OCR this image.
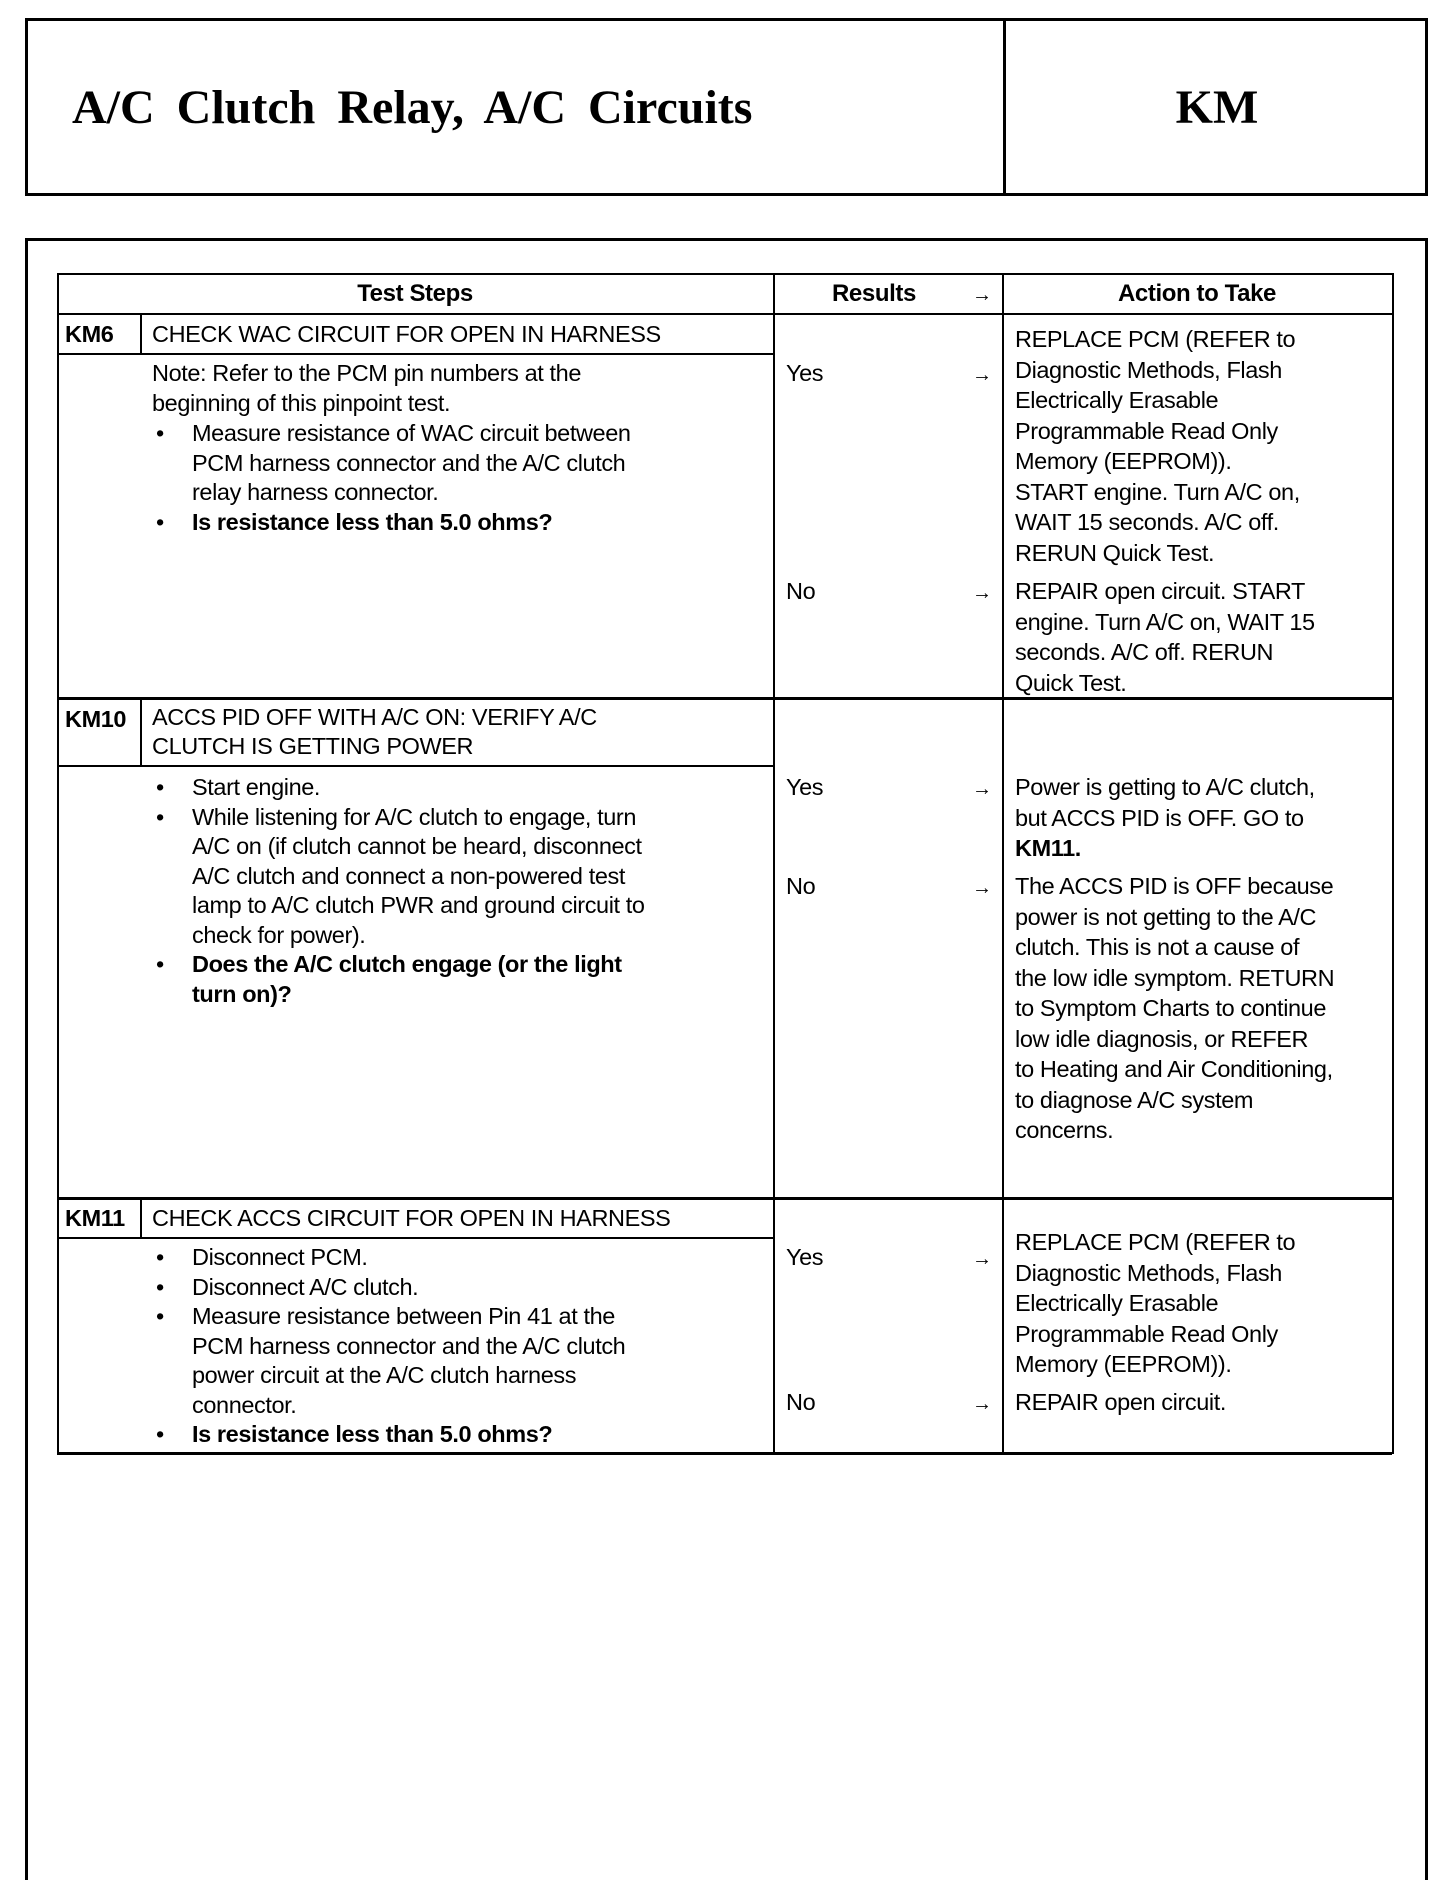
A/C Clutch Relay, A/C Circuits	KM
Test Steps	Results	→	Action to Take
KM6 CHECK WAC CIRCUIT FOR OPEN IN HARNESS
Note: Refer to the PCM pin numbers at the
beginning of this pinpoint test.
• Measure resistance of WAC circuit between
PCM harness connector and the A/C clutch
relay harness connector.
• Is resistance less than 5.0 ohms?
Yes	→
REPLACE PCM (REFER to
Diagnostic Methods, Flash
Electrically Erasable
Programmable Read Only
Memory (EEPROM)).
START engine. Turn A/C on,
WAIT 15 seconds. A/C off.
RERUN Quick Test.
No	→ REPAIR open circuit. START
engine. Turn A/C on, WAIT 15
seconds. A/C off. RERUN
Quick Test.
KM10 ACCS PID OFF WITH A/C ON: VERIFY A/C
CLUTCH IS GETTING POWER
• Start engine.
• While listening for A/C clutch to engage, turn
A/C on (if clutch cannot be heard, disconnect
A/C clutch and connect a non-powered test
lamp to A/C clutch PWR and ground circuit to
check for power).
• Does the A/C clutch engage (or the light
turn on)?
Yes	→ Power is getting to A/C clutch,
but ACCS PID is OFF. GO to
KM11.
No	→ The ACCS PID is OFF because
power is not getting to the A/C
clutch. This is not a cause of
the low idle symptom. RETURN
to Symptom Charts to continue
low idle diagnosis, or REFER
to Heating and Air Conditioning,
to diagnose A/C system
concerns.
KM11 CHECK ACCS CIRCUIT FOR OPEN IN HARNESS
• Disconnect PCM.
• Disconnect A/C clutch.
• Measure resistance between Pin 41 at the
PCM harness connector and the A/C clutch
power circuit at the A/C clutch harness
connector.
• Is resistance less than 5.0 ohms?
Yes	→
REPLACE PCM (REFER to
Diagnostic Methods, Flash
Electrically Erasable
Programmable Read Only
Memory (EEPROM)).
No	→ REPAIR open circuit.
